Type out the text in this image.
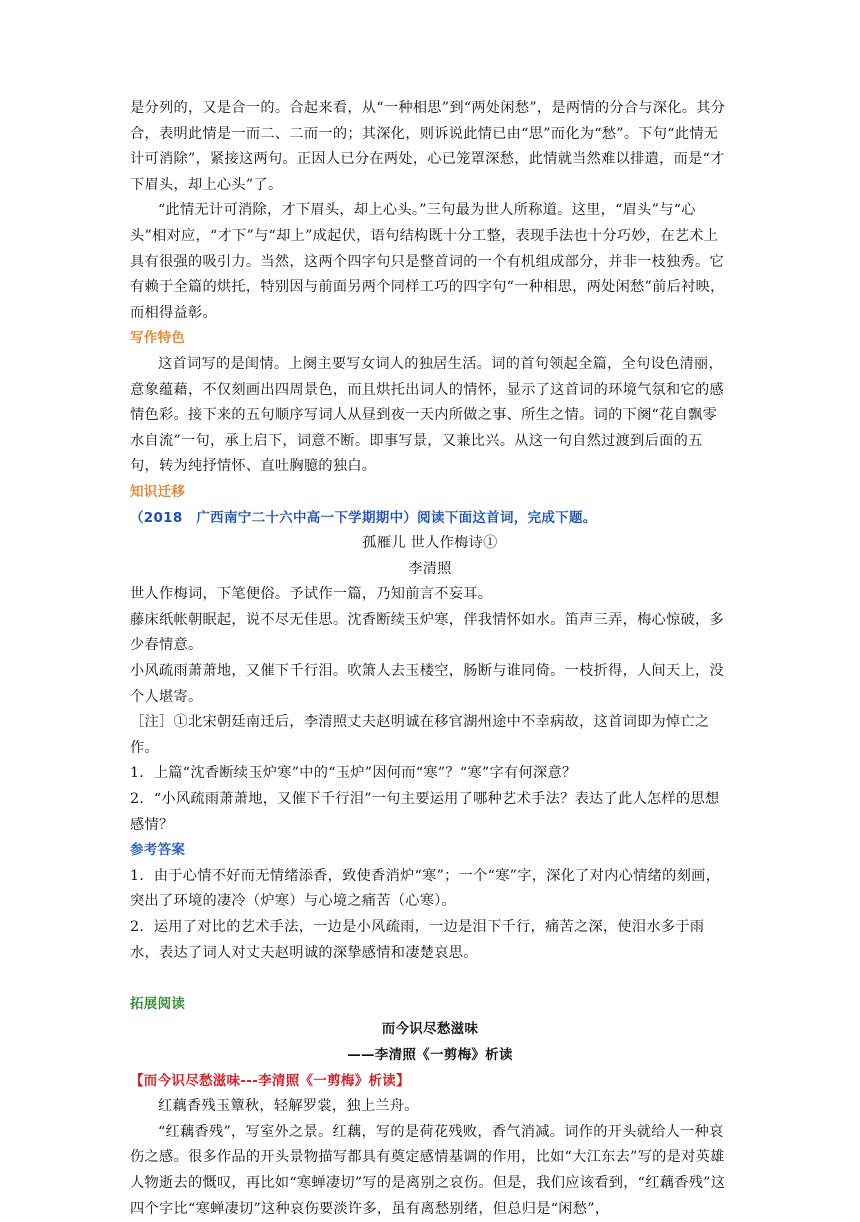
是分列的，又是合一的。合起来看，从“一种相思”到“两处闲愁”，是两情的分合与深化。其分合，表明此情是一而二、二而一的；其深化，则诉说此情已由“思”而化为“愁”。下句“此情无计可消除”，紧接这两句。正因人已分在两处，心已笼罩深愁，此情就当然难以排遣，而是“才下眉头，却上心头”了。

“此情无计可消除，才下眉头，却上心头。”三句最为世人所称道。这里，“眉头”与“心头”相对应，“才下”与“却上”成起伏，语句结构既十分工整，表现手法也十分巧妙，在艺术上具有很强的吸引力。当然，这两个四字句只是整首词的一个有机组成部分，并非一枝独秀。它有赖于全篇的烘托，特别因与前面另两个同样工巧的四字句“一种相思，两处闲愁”前后衬映，而相得益彰。

写作特色

这首词写的是闺情。上阕主要写女词人的独居生活。词的首句领起全篇，全句设色清丽，意象蕴藉，不仅刻画出四周景色，而且烘托出词人的情怀，显示了这首词的环境气氛和它的感情色彩。接下来的五句顺序写词人从昼到夜一天内所做之事、所生之情。词的下阕“花自飘零水自流”一句，承上启下，词意不断。即事写景，又兼比兴。从这一句自然过渡到后面的五句，转为纯抒情怀、直吐胸臆的独白。

知识迁移

（2018　广西南宁二十六中高一下学期期中）阅读下面这首词，完成下题。

孤雁儿 世人作梅诗①

李清照

世人作梅词，下笔便俗。予试作一篇，乃知前言不妄耳。

藤床纸帐朝眠起，说不尽无佳思。沈香断续玉炉寒，伴我情怀如水。笛声三弄，梅心惊破，多少春情意。

小风疏雨萧萧地，又催下千行泪。吹箫人去玉楼空，肠断与谁同倚。一枝折得，人间天上，没个人堪寄。

［注］①北宋朝廷南迁后，李清照丈夫赵明诚在移官湖州途中不幸病故，这首词即为悼亡之作。

1．上篇“沈香断续玉炉寒”中的“玉炉”因何而“寒”？“寒”字有何深意？

2．“小风疏雨萧萧地，又催下千行泪”一句主要运用了哪种艺术手法？表达了此人怎样的思想感情？

参考答案

1．由于心情不好而无情绪添香，致使香消炉“寒”；一个“寒”字，深化了对内心情绪的刻画，突出了环境的凄冷（炉寒）与心境之痛苦（心寒）。

2．运用了对比的艺术手法，一边是小风疏雨，一边是泪下千行，痛苦之深，使泪水多于雨水，表达了词人对丈夫赵明诚的深挚感情和凄楚哀思。

拓展阅读

而今识尽愁滋味

——李清照《一剪梅》析读

【而今识尽愁滋味---李清照《一剪梅》析读】

红藕香残玉簟秋，轻解罗裳，独上兰舟。

“红藕香残”，写室外之景。红藕，写的是荷花残败，香气消减。词作的开头就给人一种哀伤之感。很多作品的开头景物描写都具有奠定感情基调的作用，比如“大江东去”写的是对英雄人物逝去的慨叹，再比如“寒蝉凄切”写的是离别之哀伤。但是，我们应该看到，“红藕香残”这四个字比“寒蝉凄切”这种哀伤要淡许多，虽有离愁别绪，但总归是“闲愁”，
